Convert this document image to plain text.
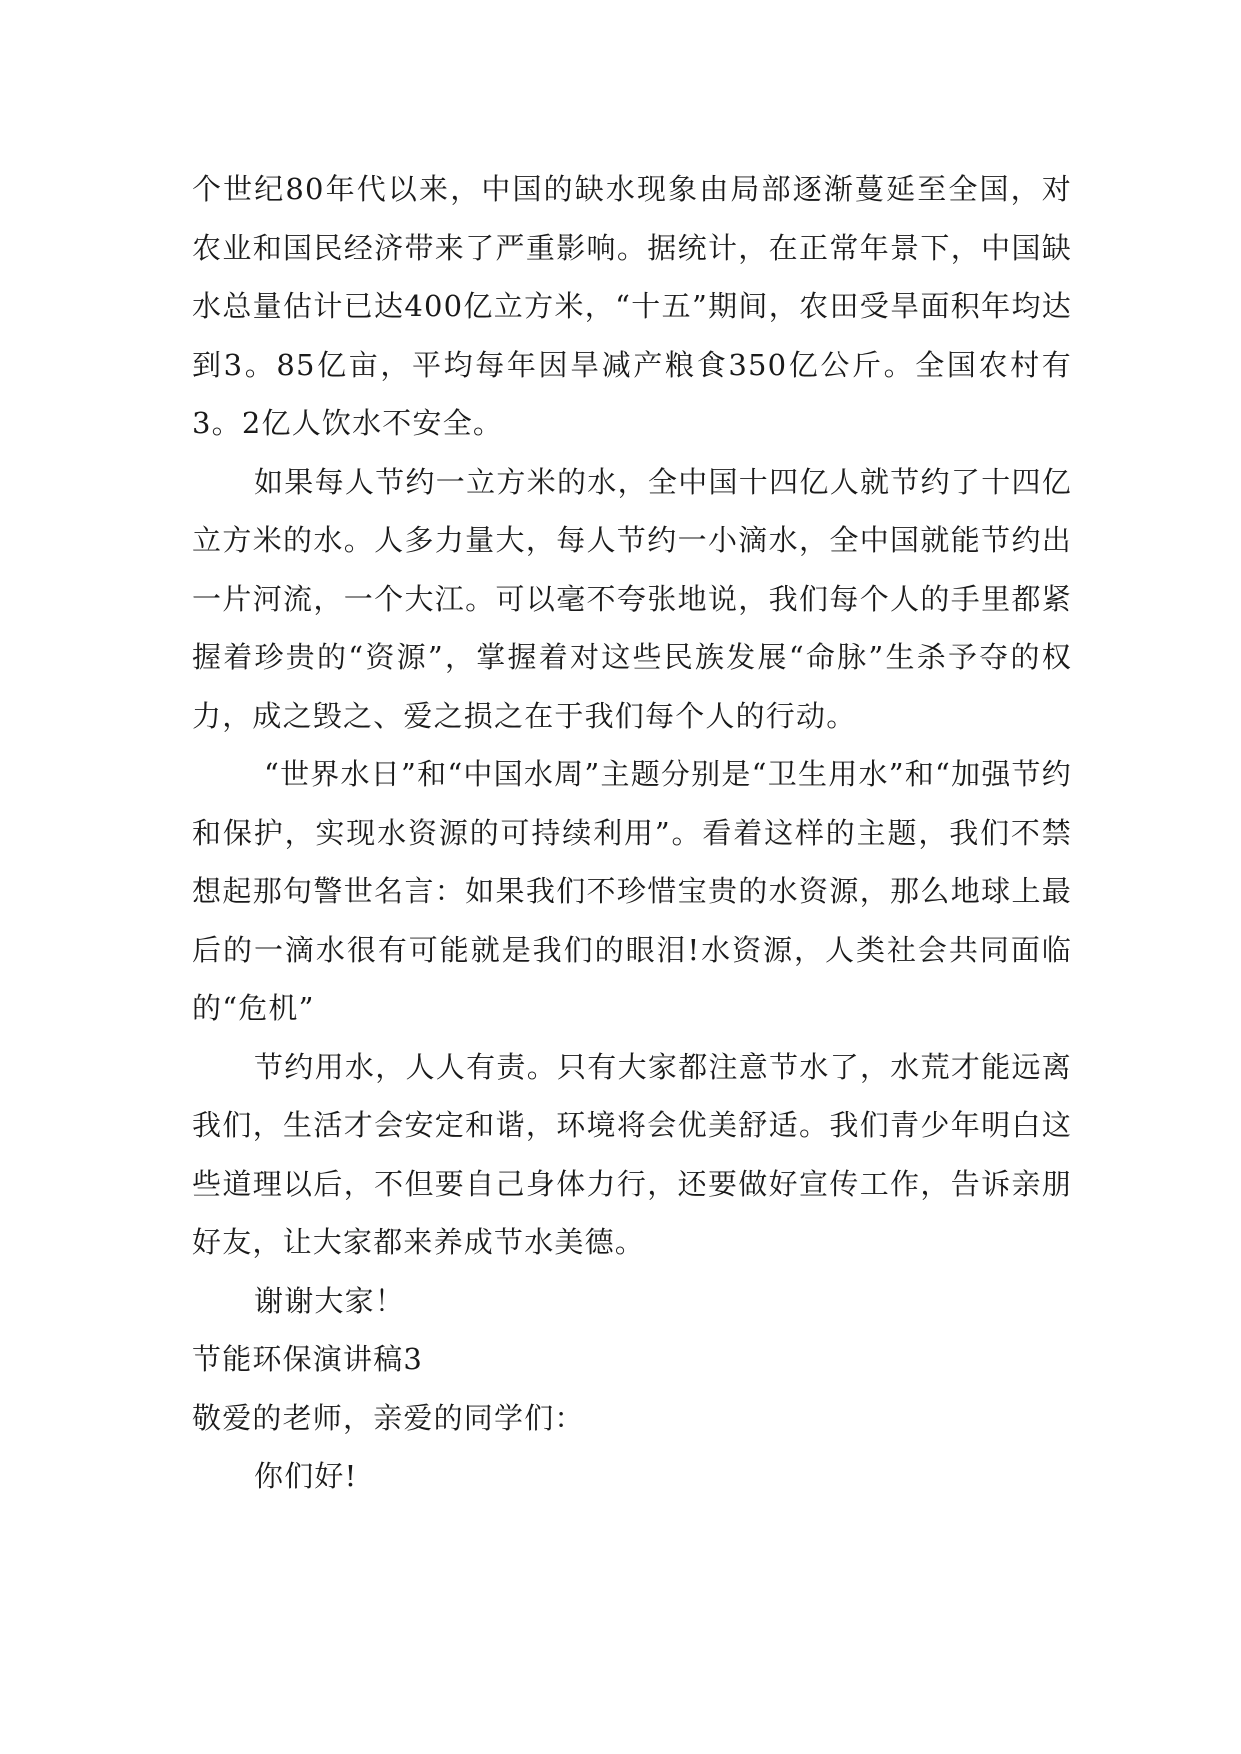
个世纪80年代以来，中国的缺水现象由局部逐渐蔓延至全国，对农业和国民经济带来了严重影响。据统计，在正常年景下，中国缺水总量估计已达400亿立方米，“十五”期间，农田受旱面积年均达到3。85亿亩，平均每年因旱减产粮食350亿公斤。全国农村有3。2亿人饮水不安全。

如果每人节约一立方米的水，全中国十四亿人就节约了十四亿立方米的水。人多力量大，每人节约一小滴水，全中国就能节约出一片河流，一个大江。可以毫不夸张地说，我们每个人的手里都紧握着珍贵的“资源”，掌握着对这些民族发展“命脉”生杀予夺的权力，成之毁之、爱之损之在于我们每个人的行动。

“世界水日”和“中国水周”主题分别是“卫生用水”和“加强节约和保护，实现水资源的可持续利用”。看着这样的主题，我们不禁想起那句警世名言：如果我们不珍惜宝贵的水资源，那么地球上最后的一滴水很有可能就是我们的眼泪!水资源，人类社会共同面临的“危机”

节约用水，人人有责。只有大家都注意节水了，水荒才能远离我们，生活才会安定和谐，环境将会优美舒适。我们青少年明白这些道理以后，不但要自己身体力行，还要做好宣传工作，告诉亲朋好友，让大家都来养成节水美德。

谢谢大家！

节能环保演讲稿3

敬爱的老师，亲爱的同学们：

你们好!
